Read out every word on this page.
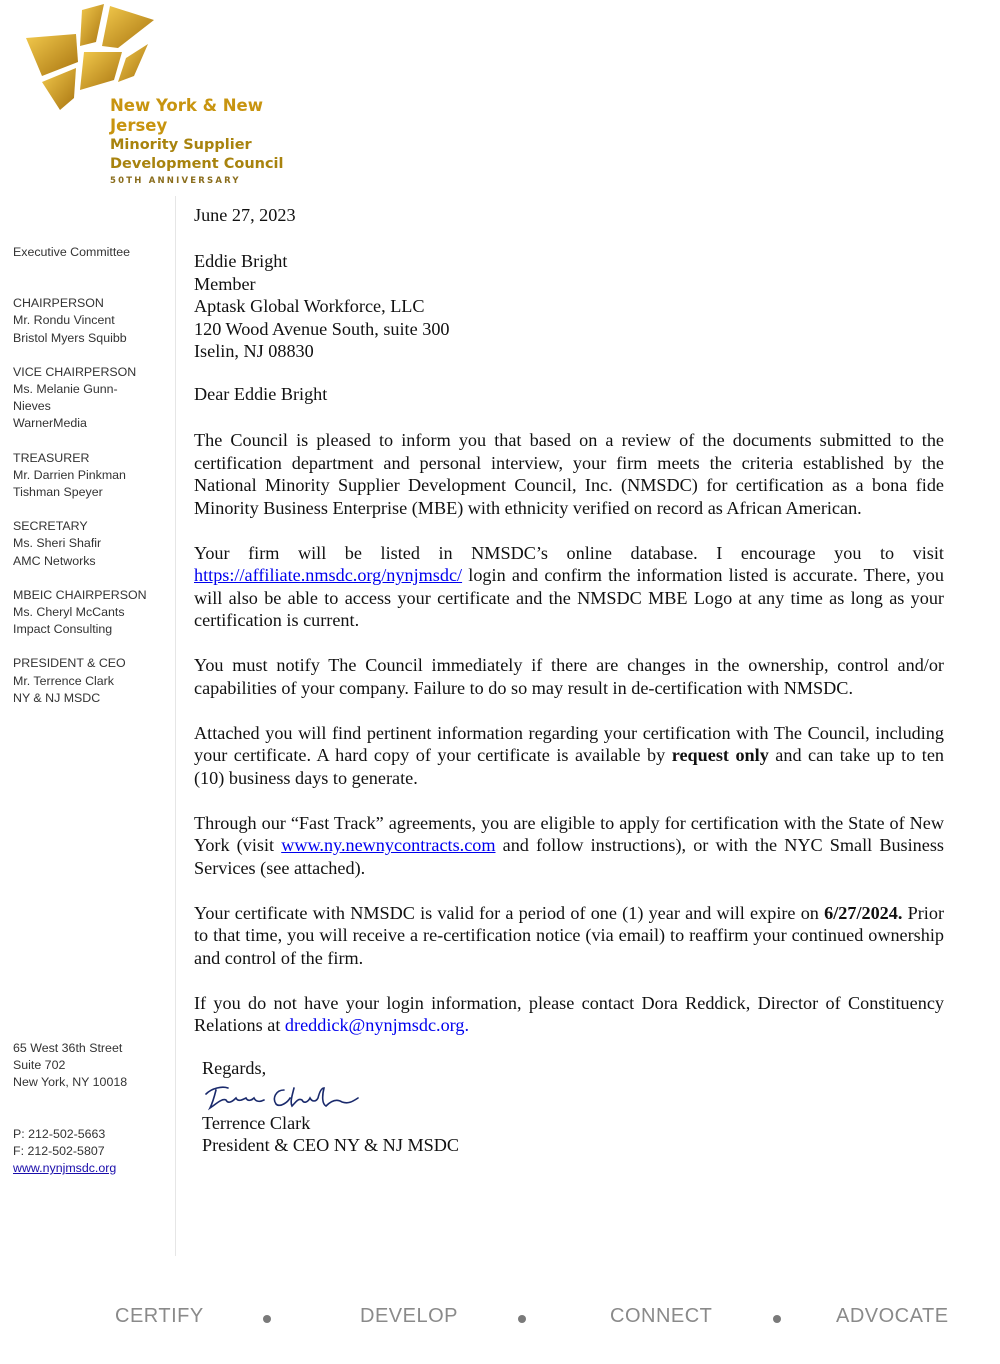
New York & New Jersey
Minority Supplier
Development Council
50TH ANNIVERSARY
Executive Committee
CHAIRPERSON
Mr. Rondu Vincent
Bristol Myers Squibb
VICE CHAIRPERSON
Ms. Melanie Gunn-Nieves
WarnerMedia
TREASURER
Mr. Darrien Pinkman
Tishman Speyer
SECRETARY
Ms. Sheri Shafir
AMC Networks
MBEIC CHAIRPERSON
Ms. Cheryl McCants
Impact Consulting
PRESIDENT & CEO
Mr. Terrence Clark
NY & NJ MSDC
65 West 36th Street
Suite 702
New York, NY 10018
P: 212-502-5663
F: 212-502-5807
www.nynjmsdc.org
June 27, 2023
Eddie Bright
Member
Aptask Global Workforce, LLC
120 Wood Avenue South, suite 300
Iselin, NJ 08830
Dear Eddie Bright

The Council is pleased to inform you that based on a review of the documents submitted to the certification department and personal interview, your firm meets the criteria established by the National Minority Supplier Development Council, Inc. (NMSDC) for certification as a bona fide Minority Business Enterprise (MBE) with ethnicity verified on record as African American.

Your firm will be listed in NMSDC’s online database. I encourage you to visit https://affiliate.nmsdc.org/nynjmsdc/ login and confirm the information listed is accurate. There, you will also be able to access your certificate and the NMSDC MBE Logo at any time as long as your certification is current.

You must notify The Council immediately if there are changes in the ownership, control and/or capabilities of your company. Failure to do so may result in de-certification with NMSDC.

Attached you will find pertinent information regarding your certification with The Council, including your certificate. A hard copy of your certificate is available by request only and can take up to ten (10) business days to generate.

Through our “Fast Track” agreements, you are eligible to apply for certification with the State of New York (visit www.ny.newnycontracts.com and follow instructions), or with the NYC Small Business Services (see attached).

Your certificate with NMSDC is valid for a period of one (1) year and will expire on 6/27/2024. Prior to that time, you will receive a re-certification notice (via email) to reaffirm your continued ownership and control of the firm.

If you do not have your login information, please contact Dora Reddick, Director of Constituency Relations at dreddick@nynjmsdc.org.

Regards,
Terrence Clark
President & CEO NY & NJ MSDC
CERTIFY	DEVELOP	CONNECT	ADVOCATE
